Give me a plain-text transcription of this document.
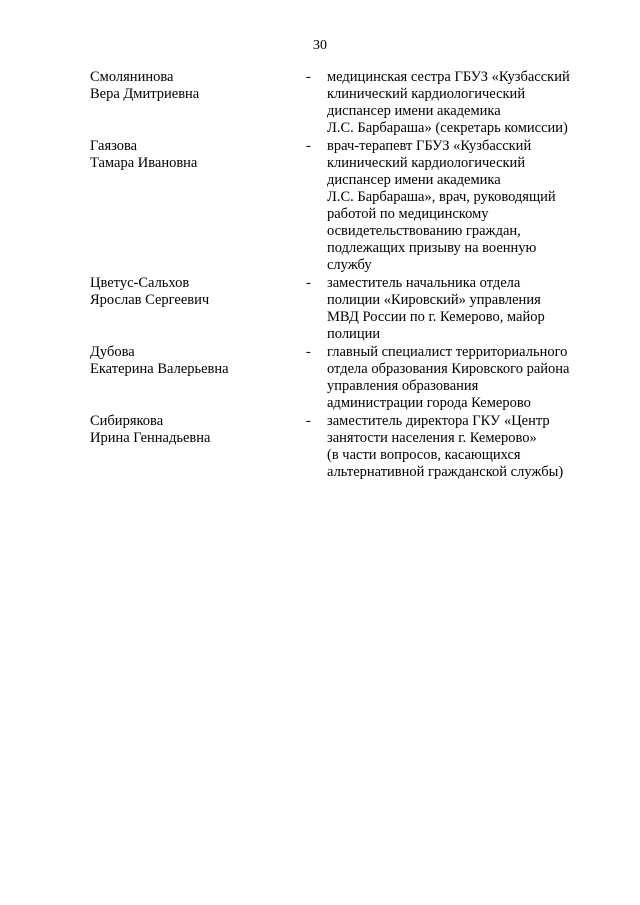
30
Смолянинова
Вера Дмитриевна
-	медицинская сестра ГБУЗ «Кузбасский
клинический кардиологический
диспансер имени академика
Л.С. Барбараша» (секретарь комиссии)
Гаязова
Тамара Ивановна
-	врач-терапевт ГБУЗ «Кузбасский
клинический кардиологический
диспансер имени академика
Л.С. Барбараша», врач, руководящий
работой по медицинскому
освидетельствованию граждан,
подлежащих призыву на военную
службу
Цветус-Сальхов
Ярослав Сергеевич
-	заместитель начальника отдела
полиции «Кировский» управления
МВД России по г. Кемерово, майор
полиции
Дубова
Екатерина Валерьевна
-	главный специалист территориального
отдела образования Кировского района
управления образования
администрации города Кемерово
Сибирякова
Ирина Геннадьевна
-	заместитель директора ГКУ «Центр
занятости населения г. Кемерово»
(в части вопросов, касающихся
альтернативной гражданской службы)
